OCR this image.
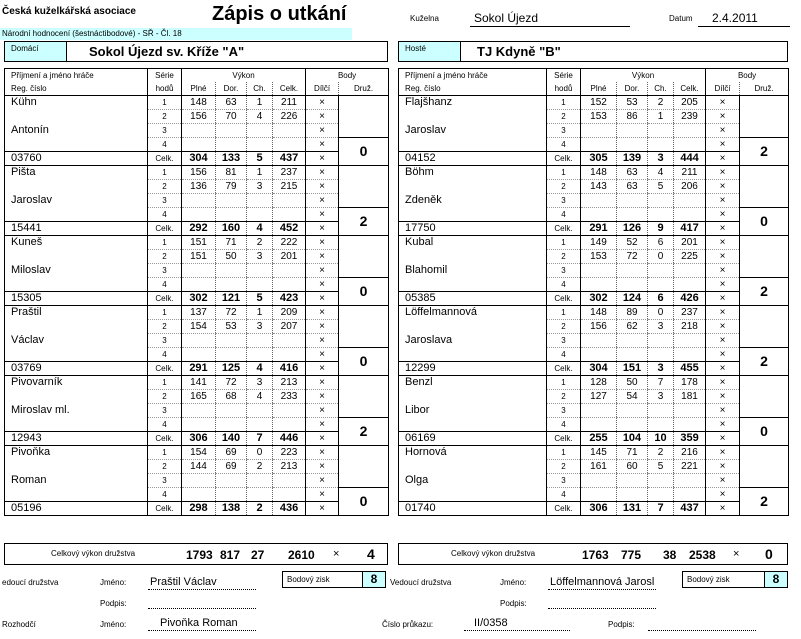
Česká kuželkářská asociace
Národní hodnocení (šestnáctibodové) - SŘ - Čl. 18
Zápis o utkání	Kuželna	Sokol Újezd	Datum 2.4.2011
Domácí	Sokol Újezd sv. Kříže "A"	Hosté	TJ Kdyně "B"
Příjmení a jméno hráče	Série	Výkon				Body	
Reg. číslo	hodů	Plné	Dor.	Ch.	Celk.	Dílčí	Druž.
Kühn	1	148	63	1	211	×	
	2	156	70	4	226	×	
Antonín	3					×	
	4					×	0
03760	Celk.	304	133	5	437	×	
Pišta	1	156	81	1	237	×	
	2	136	79	3	215	×	
Jaroslav	3					×	
	4					×	2
15441	Celk.	292	160	4	452	×	
Kuneš	1	151	71	2	222	×	
	2	151	50	3	201	×	
Miloslav	3					×	
	4					×	0
15305	Celk.	302	121	5	423	×	
Praštil	1	137	72	1	209	×	
	2	154	53	3	207	×	
Václav	3					×	
	4					×	0
03769	Celk.	291	125	4	416	×	
Pivovarník	1	141	72	3	213	×	
	2	165	68	4	233	×	
Miroslav ml.	3					×	
	4					×	2
12943	Celk.	306	140	7	446	×	
Pivoňka	1	154	69	0	223	×	
	2	144	69	2	213	×	
Roman	3					×	
	4					×	0
05196	Celk.	298	138	2	436	×	
Příjmení a jméno hráče	Série	Výkon				Body	
Reg. číslo	hodů	Plné	Dor.	Ch.	Celk.	Dílčí	Druž.
Flajšhanz	1	152	53	2	205	×	
	2	153	86	1	239	×	
Jaroslav	3					×	
	4					×	2
04152	Celk.	305	139	3	444	×	
Böhm	1	148	63	4	211	×	
	2	143	63	5	206	×	
Zdeněk	3					×	
	4					×	0
17750	Celk.	291	126	9	417	×	
Kubal	1	149	52	6	201	×	
	2	153	72	0	225	×	
Blahomil	3					×	
	4					×	2
05385	Celk.	302	124	6	426	×	
Löffelmannová	1	148	89	0	237	×	
	2	156	62	3	218	×	
Jaroslava	3					×	
	4					×	2
12299	Celk.	304	151	3	455	×	
Benzl	1	128	50	7	178	×	
	2	127	54	3	181	×	
Libor	3					×	
	4					×	0
06169	Celk.	255	104	10	359	×	
Hornová	1	145	71	2	216	×	
	2	161	60	5	221	×	
Olga	3					×	
	4					×	2
01740	Celk.	306	131	7	437	×	
Celkový výkon družstva	1793 817 27 2610 × 4	Celkový výkon družstva	1763 775 38 2538 × 0
edoucí družstva	Jméno: Praštil Václav	Bodový zisk	8
Podpis:
Vedoucí družstva	Jméno: Löffelmannová Jarosl	Bodový zisk	8
Podpis:
Rozhodčí	Jméno:	Pivoňka Roman	Číslo průkazu:	II/0358	Podpis:
